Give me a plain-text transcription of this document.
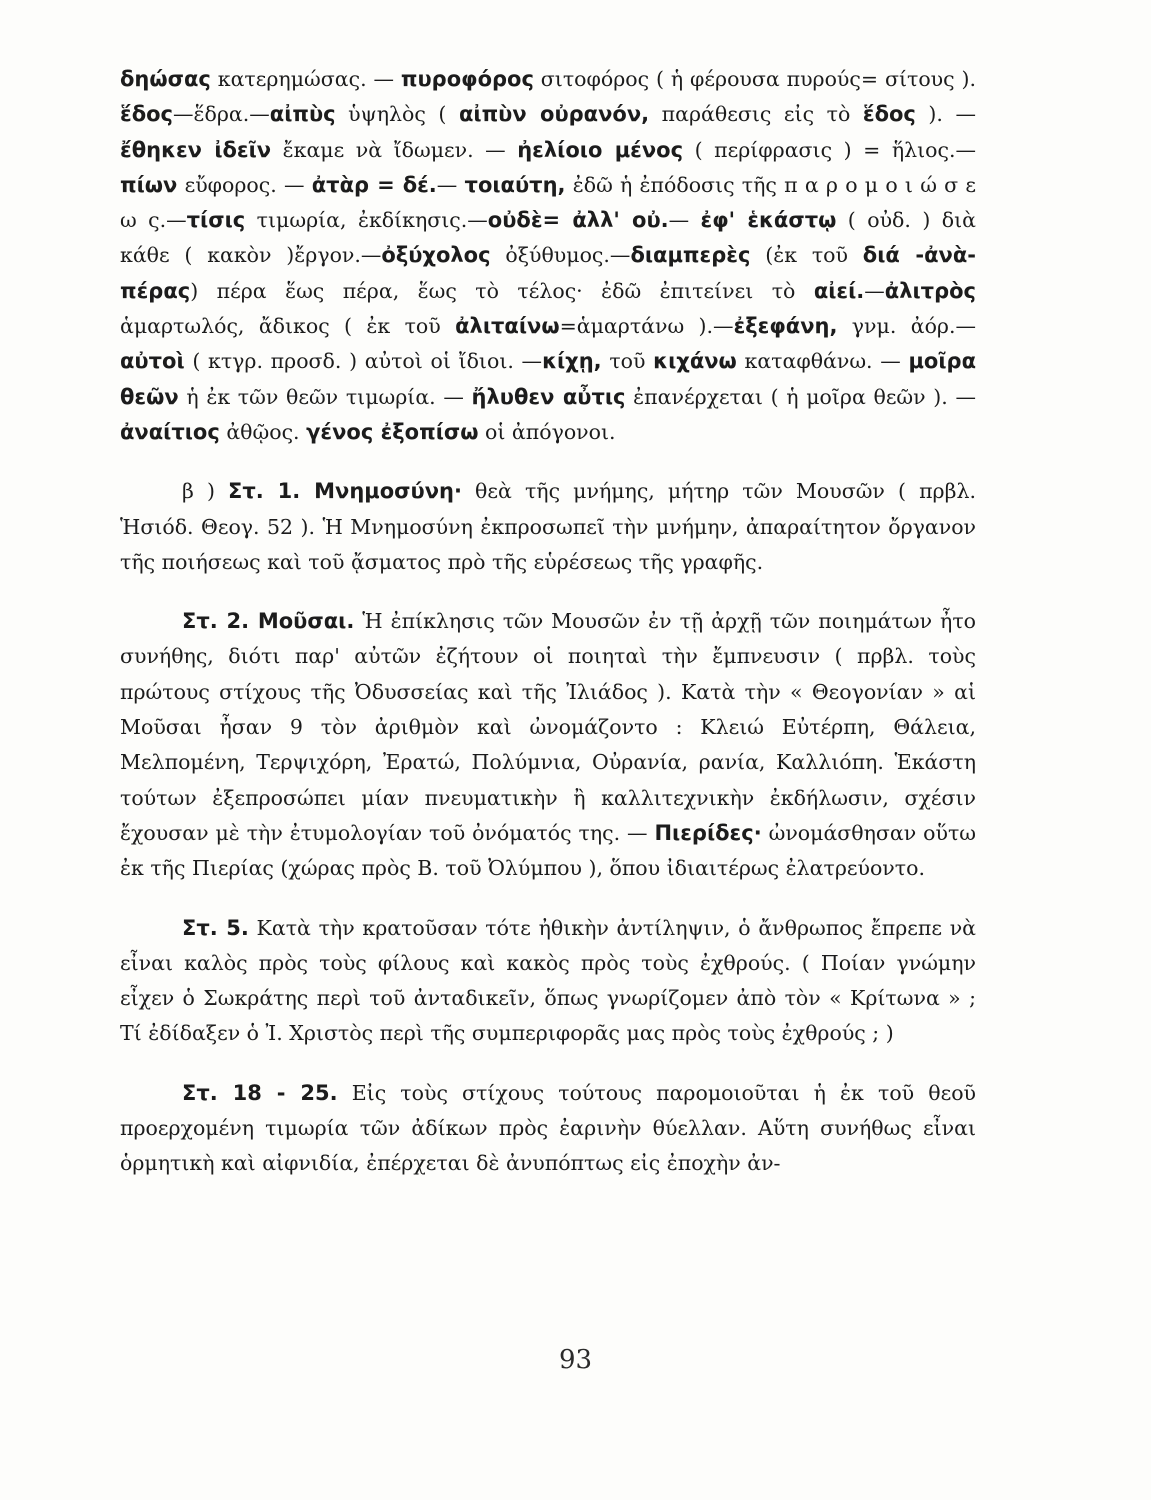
δηώσας κατερημώσας. — πυροφόρος σιτοφόρος ( ἡ φέρουσα πυρούς= σίτους ). ἕδος—ἕδρα.—αἰπὺς ὑψηλὸς ( αἰπὺν οὐρανόν, παράθεσις εἰς τὸ ἕδος ). — ἔθηκεν ἰδεῖν ἔκαμε νὰ ἴδωμεν. — ἠελίοιο μένος ( περίφρασις ) = ἥλιος.— πίων εὔφορος. — ἀτὰρ = δέ.— τοιαύτη, ἐδῶ ἡ ἐπόδοσις τῆς π α ρ ο μ ο ι ώ σ ε ω ς.—τίσις τιμωρία, ἐκδίκησις.—οὐδὲ= ἀλλ' οὐ.— ἐφ' ἑκάστῳ ( οὐδ. ) διὰ κάθε ( κακὸν )ἔργον.—ὀξύχολος ὀξύθυμος.—διαμπερὲς (ἐκ τοῦ διά -ἀνὰ- πέρας) πέρα ἕως πέρα, ἕως τὸ τέλος· ἐδῶ ἐπιτείνει τὸ αἰεί.—ἀλιτρὸς ἁμαρτωλός, ἄδικος ( ἐκ τοῦ ἀλιταίνω=ἁμαρτάνω ).—ἐξεφάνη, γνμ. ἀόρ.—αὐτοὶ ( κτγρ. προσδ. ) αὐτοὶ οἱ ἴδιοι. —κίχῃ, τοῦ κιχάνω καταφθάνω. — μοῖρα θεῶν ἡ ἐκ τῶν θεῶν τιμωρία. — ἤλυθεν αὖτις ἐπανέρχεται ( ἡ μοῖρα θεῶν ). — ἀναίτιος ἀθῷος. γένος ἐξοπίσω οἱ ἀπόγονοι.

β ) Στ. 1. Μνημοσύνη· θεὰ τῆς μνήμης, μήτηρ τῶν Μουσῶν ( πρβλ. Ἡσιόδ. Θεογ. 52 ). Ἡ Μνημοσύνη ἐκπροσωπεῖ τὴν μνήμην, ἀπαραίτητον ὄργανον τῆς ποιήσεως καὶ τοῦ ᾄσματος πρὸ τῆς εὑρέσεως τῆς γραφῆς.

Στ. 2. Μοῦσαι. Ἡ ἐπίκλησις τῶν Μουσῶν ἐν τῇ ἀρχῇ τῶν ποιημάτων ἦτο συνήθης, διότι παρ' αὐτῶν ἐζήτουν οἱ ποιηταὶ τὴν ἔμπνευσιν ( πρβλ. τοὺς πρώτους στίχους τῆς Ὀδυσσείας καὶ τῆς Ἰλιάδος ). Κατὰ τὴν « Θεογονίαν » αἱ Μοῦσαι ἦσαν 9 τὸν ἀριθμὸν καὶ ὠνομάζοντο : Κλειώ Εὐτέρπη, Θάλεια, Μελπομένη, Τερψιχόρη, Ἐρατώ, Πολύμνια, Οὐρανία, ρανία, Καλλιόπη. Ἑκάστη τούτων ἐξεπροσώπει μίαν πνευματικὴν ἢ καλλιτεχνικὴν ἐκδήλωσιν, σχέσιν ἔχουσαν μὲ τὴν ἐτυμολογίαν τοῦ ὀνόματός της. — Πιερίδες· ὠνομάσθησαν οὕτω ἐκ τῆς Πιερίας (χώρας πρὸς Β. τοῦ Ὀλύμπου ), ὅπου ἰδιαιτέρως ἐλατρεύοντο.

Στ. 5. Κατὰ τὴν κρατοῦσαν τότε ἠθικὴν ἀντίληψιν, ὁ ἄνθρωπος ἔπρεπε νὰ εἶναι καλὸς πρὸς τοὺς φίλους καὶ κακὸς πρὸς τοὺς ἐχθρούς. ( Ποίαν γνώμην εἶχεν ὁ Σωκράτης περὶ τοῦ ἀνταδικεῖν, ὅπως γνωρίζομεν ἀπὸ τὸν « Κρίτωνα » ; Τί ἐδίδαξεν ὁ Ἰ. Χριστὸς περὶ τῆς συμπεριφορᾶς μας πρὸς τοὺς ἐχθρούς ; )

Στ. 18 - 25. Εἰς τοὺς στίχους τούτους παρομοιοῦται ἡ ἐκ τοῦ θεοῦ προερχομένη τιμωρία τῶν ἀδίκων πρὸς ἐαρινὴν θύελλαν. Αὕτη συνήθως εἶναι ὁρμητικὴ καὶ αἰφνιδία, ἐπέρχεται δὲ ἀνυπόπτως εἰς ἐποχὴν ἀν-

93
